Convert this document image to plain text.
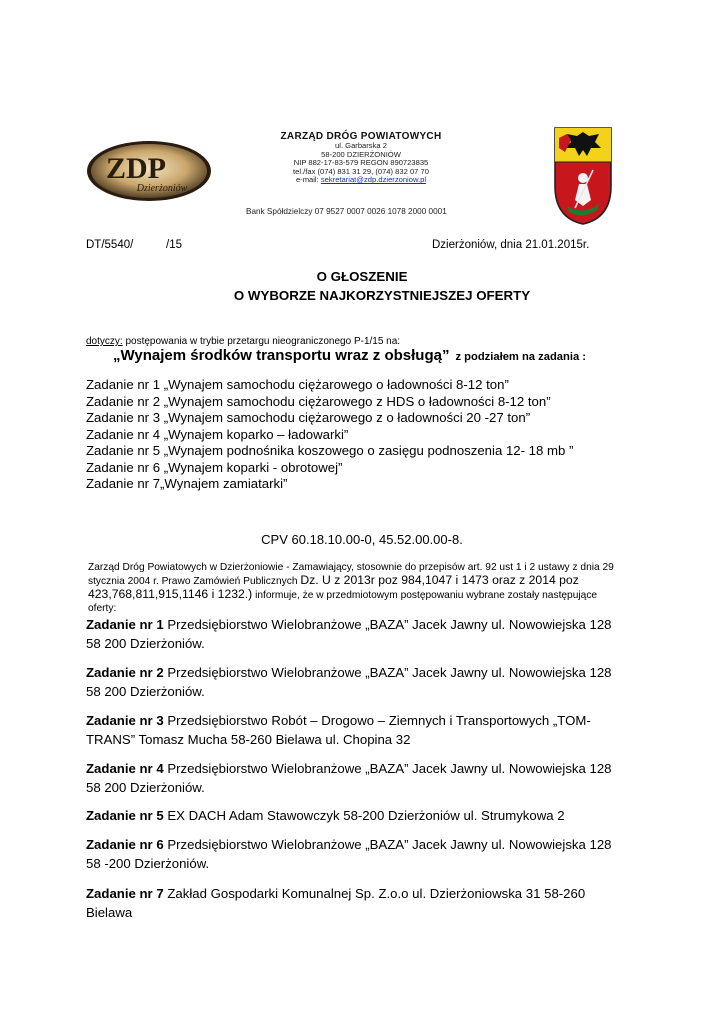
ZDP
Dzierżoniów
ZARZĄD DRÓG POWIATOWYCH
ul. Garbarska 2
58-200 DZIERŻONIÓW
NIP 882-17-83-579 REGON 890723835
tel./fax (074) 831 31 29, (074) 832 07 70
e-mail: sekretariat@zdp.dzierzoniow.pl
Bank Spółdzielczy 07 9527 0007 0026 1078 2000 0001
DT/5540/	/15	Dzierżoniów, dnia 21.01.2015r.
O GŁOSZENIE
O WYBORZE NAJKORZYSTNIEJSZEJ OFERTY
dotyczy: postępowania w trybie przetargu nieograniczonego P-1/15 na:
„Wynajem środków transportu wraz z obsługą” z podziałem na zadania :
Zadanie nr 1 „Wynajem samochodu ciężarowego o ładowności 8-12 ton”
Zadanie nr 2 „Wynajem samochodu ciężarowego z HDS o ładowności 8-12 ton”
Zadanie nr 3 „Wynajem samochodu ciężarowego z o ładowności 20 -27 ton”
Zadanie nr 4 „Wynajem koparko – ładowarki”
Zadanie nr 5 „Wynajem podnośnika koszowego o zasięgu podnoszenia 12- 18 mb ”
Zadanie nr 6 „Wynajem koparki - obrotowej”
Zadanie nr 7„Wynajem zamiatarki”
CPV 60.18.10.00-0, 45.52.00.00-8.
Zarząd Dróg Powiatowych w Dzierżoniowie - Zamawiający, stosownie do przepisów art. 92 ust 1 i 2 ustawy z dnia 29 stycznia 2004 r. Prawo Zamówień Publicznych Dz. U z 2013r poz 984,1047 i 1473 oraz z 2014 poz 423,768,811,915,1146 i 1232.) informuje, że w przedmiotowym postępowaniu wybrane zostały następujące oferty:
Zadanie nr 1 Przedsiębiorstwo Wielobranżowe „BAZA” Jacek Jawny ul. Nowowiejska 128 58 200 Dzierżoniów.
Zadanie nr 2 Przedsiębiorstwo Wielobranżowe „BAZA” Jacek Jawny ul. Nowowiejska 128 58 200 Dzierżoniów.
Zadanie nr 3 Przedsiębiorstwo Robót – Drogowo – Ziemnych i Transportowych „TOM-TRANS” Tomasz Mucha 58-260 Bielawa ul. Chopina 32
Zadanie nr 4 Przedsiębiorstwo Wielobranżowe „BAZA” Jacek Jawny ul. Nowowiejska 128 58 200 Dzierżoniów.
Zadanie nr 5 EX DACH Adam Stawowczyk 58-200 Dzierżoniów ul. Strumykowa 2
Zadanie nr 6 Przedsiębiorstwo Wielobranżowe „BAZA” Jacek Jawny ul. Nowowiejska 128 58 -200 Dzierżoniów.
Zadanie nr 7 Zakład Gospodarki Komunalnej Sp. Z.o.o ul. Dzierżoniowska 31 58-260 Bielawa
